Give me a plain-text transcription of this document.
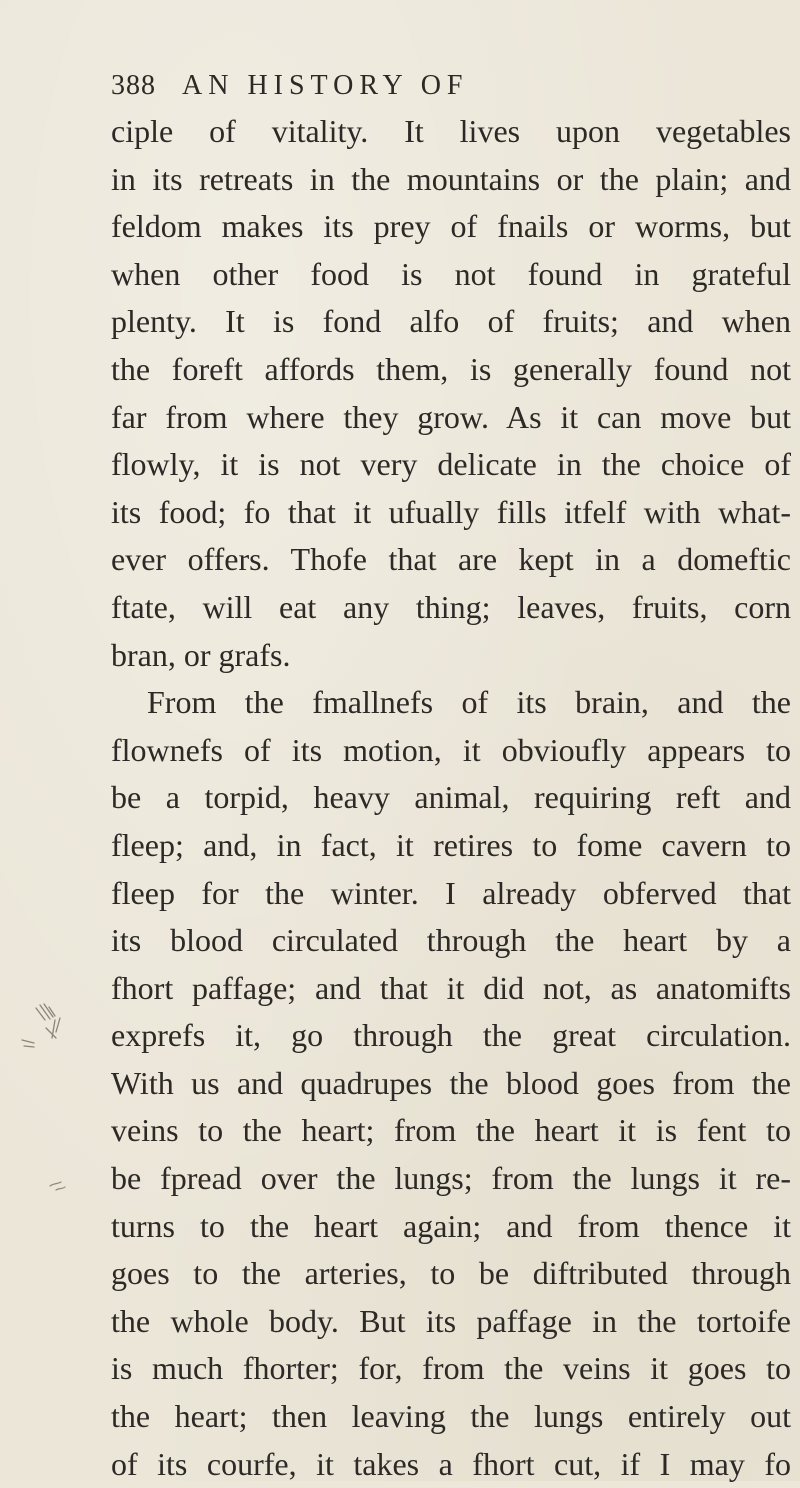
388 AN HISTORY OF
ciple of vitality. It lives upon vegetables
in its retreats in the mountains or the plain; and
feldom makes its prey of fnails or worms, but
when other food is not found in grateful
plenty. It is fond alfo of fruits; and when
the foreft affords them, is generally found not
far from where they grow. As it can move but
flowly, it is not very delicate in the choice of
its food; fo that it ufually fills itfelf with what-
ever offers. Thofe that are kept in a domeftic
ftate, will eat any thing; leaves, fruits, corn
bran, or grafs.
From the fmallnefs of its brain, and the
flownefs of its motion, it obvioufly appears to
be a torpid, heavy animal, requiring reft and
fleep; and, in fact, it retires to fome cavern to
fleep for the winter. I already obferved that
its blood circulated through the heart by a
fhort paffage; and that it did not, as anatomifts
exprefs it, go through the great circulation.
With us and quadrupes the blood goes from the
veins to the heart; from the heart it is fent to
be fpread over the lungs; from the lungs it re-
turns to the heart again; and from thence it
goes to the arteries, to be diftributed through
the whole body. But its paffage in the tortoife
is much fhorter; for, from the veins it goes to
the heart; then leaving the lungs entirely out
of its courfe, it takes a fhort cut, if I may fo
